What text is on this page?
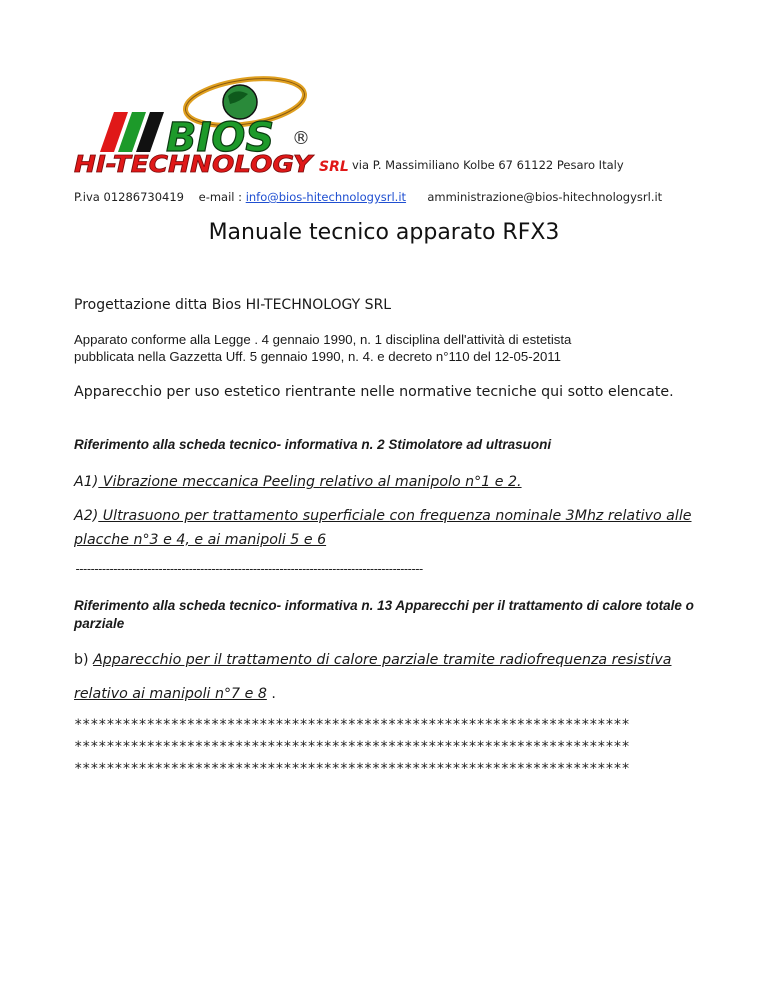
BIOS ®
HI-TECHNOLOGY SRL via P. Massimiliano Kolbe 67 61122 Pesaro Italy
P.iva 01286730419 e-mail : info@bios-hitechnologysrl.it amministrazione@bios-hitechnologysrl.it
Manuale tecnico apparato RFX3
Progettazione ditta Bios HI-TECHNOLOGY SRL
Apparato conforme alla Legge . 4 gennaio 1990, n. 1 disciplina dell'attività di estetista
pubblicata nella Gazzetta Uff. 5 gennaio 1990, n. 4. e decreto n°110 del 12-05-2011
Apparecchio per uso estetico rientrante nelle normative tecniche qui sotto elencate.
Riferimento alla scheda tecnico- informativa n. 2 Stimolatore ad ultrasuoni
A1) Vibrazione meccanica Peeling relativo al manipolo n°1 e 2.
A2) Ultrasuono per trattamento superficiale con frequenza nominale 3Mhz relativo alle placche n°3 e 4, e ai manipoli 5 e 6
--------------------------------------------------------------------------------------------
Riferimento alla scheda tecnico- informativa n. 13 Apparecchi per il trattamento di calore totale o parziale
b) Apparecchio per il trattamento di calore parziale tramite radiofrequenza resistiva
relativo ai manipoli n°7 e 8 .
*********************************************************************
*********************************************************************
*********************************************************************
